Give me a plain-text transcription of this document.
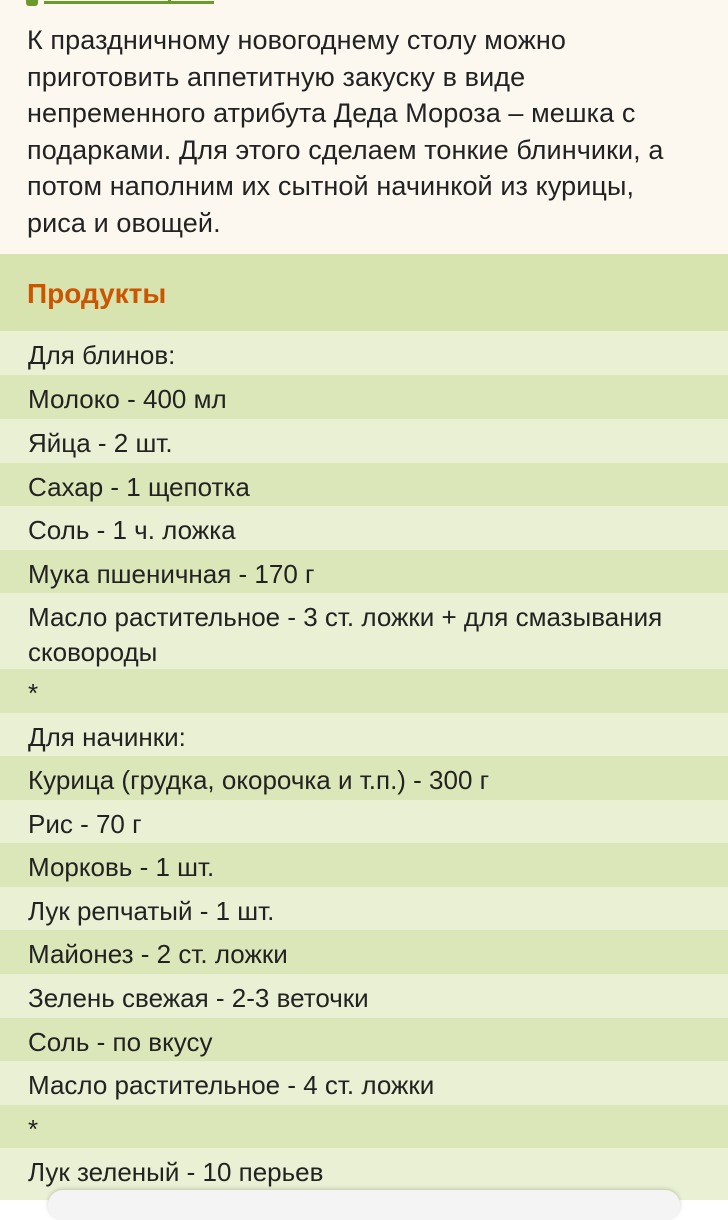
К праздничному новогоднему столу можно приготовить аппетитную закуску в виде непременного атрибута Деда Мороза – мешка с подарками. Для этого сделаем тонкие блинчики, а потом наполним их сытной начинкой из курицы, риса и овощей.
Продукты
Для блинов:
Молоко - 400 мл
Яйца - 2 шт.
Сахар - 1 щепотка
Соль - 1 ч. ложка
Мука пшеничная - 170 г
Масло растительное - 3 ст. ложки + для смазывания сковороды
*
Для начинки:
Курица (грудка, окорочка и т.п.) - 300 г
Рис - 70 г
Морковь - 1 шт.
Лук репчатый - 1 шт.
Майонез - 2 ст. ложки
Зелень свежая - 2-3 веточки
Соль - по вкусу
Масло растительное - 4 ст. ложки
*
Лук зеленый - 10 перьев
